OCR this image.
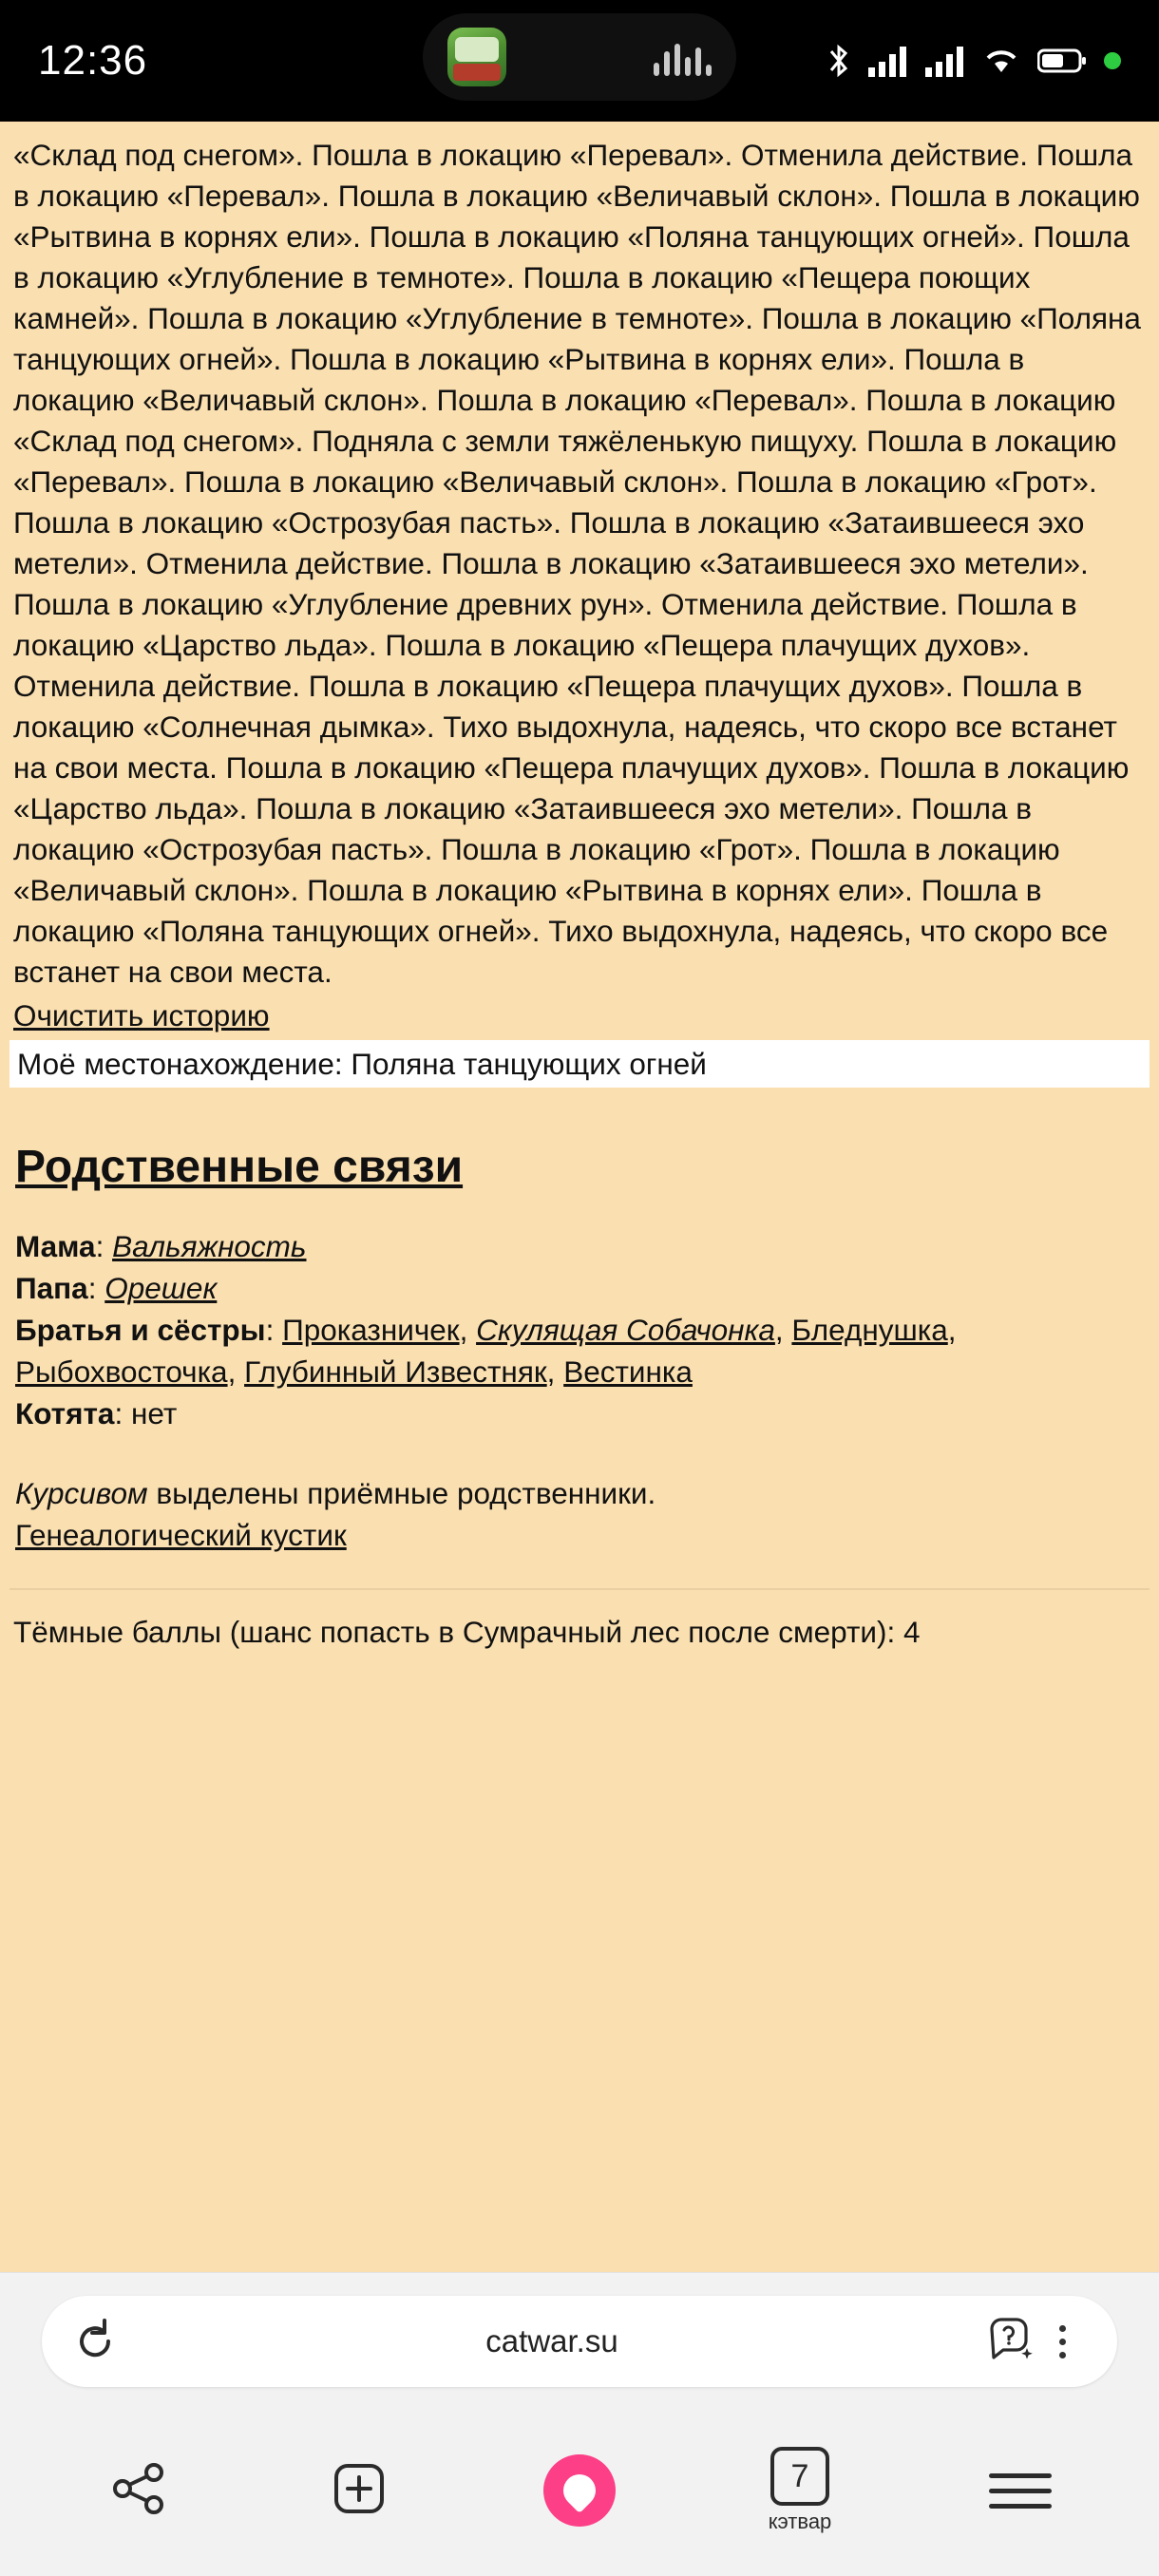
12:36
«Склад под снегом». Пошла в локацию «Перевал». Отменила действие. Пошла в локацию «Перевал». Пошла в локацию «Величавый склон». Пошла в локацию «Рытвина в корнях ели». Пошла в локацию «Поляна танцующих огней». Пошла в локацию «Углубление в темноте». Пошла в локацию «Пещера поющих камней». Пошла в локацию «Углубление в темноте». Пошла в локацию «Поляна танцующих огней». Пошла в локацию «Рытвина в корнях ели». Пошла в локацию «Величавый склон». Пошла в локацию «Перевал». Пошла в локацию «Склад под снегом». Подняла с земли тяжёленькую пищуху. Пошла в локацию «Перевал». Пошла в локацию «Величавый склон». Пошла в локацию «Грот». Пошла в локацию «Острозубая пасть». Пошла в локацию «Затаившееся эхо метели». Отменила действие. Пошла в локацию «Затаившееся эхо метели». Пошла в локацию «Углубление древних рун». Отменила действие. Пошла в локацию «Царство льда». Пошла в локацию «Пещера плачущих духов». Отменила действие. Пошла в локацию «Пещера плачущих духов». Пошла в локацию «Солнечная дымка». Тихо выдохнула, надеясь, что скоро все встанет на свои места. Пошла в локацию «Пещера плачущих духов». Пошла в локацию «Царство льда». Пошла в локацию «Затаившееся эхо метели». Пошла в локацию «Острозубая пасть». Пошла в локацию «Грот». Пошла в локацию «Величавый склон». Пошла в локацию «Рытвина в корнях ели». Пошла в локацию «Поляна танцующих огней». Тихо выдохнула, надеясь, что скоро все встанет на свои места.
Очистить историю
Моё местонахождение: Поляна танцующих огней
Родственные связи
Мама: Вальяжность
Папа: Орешек
Братья и сёстры: Проказничек, Скулящая Собачонка, Бледнушка, Рыбохвосточка, Глубинный Известняк, Вестинка
Котята: нет
Курсивом выделены приёмные родственники.
Генеалогический кустик
Тёмные баллы (шанс попасть в Сумрачный лес после смерти): 4
catwar.su
7
кэтвар
